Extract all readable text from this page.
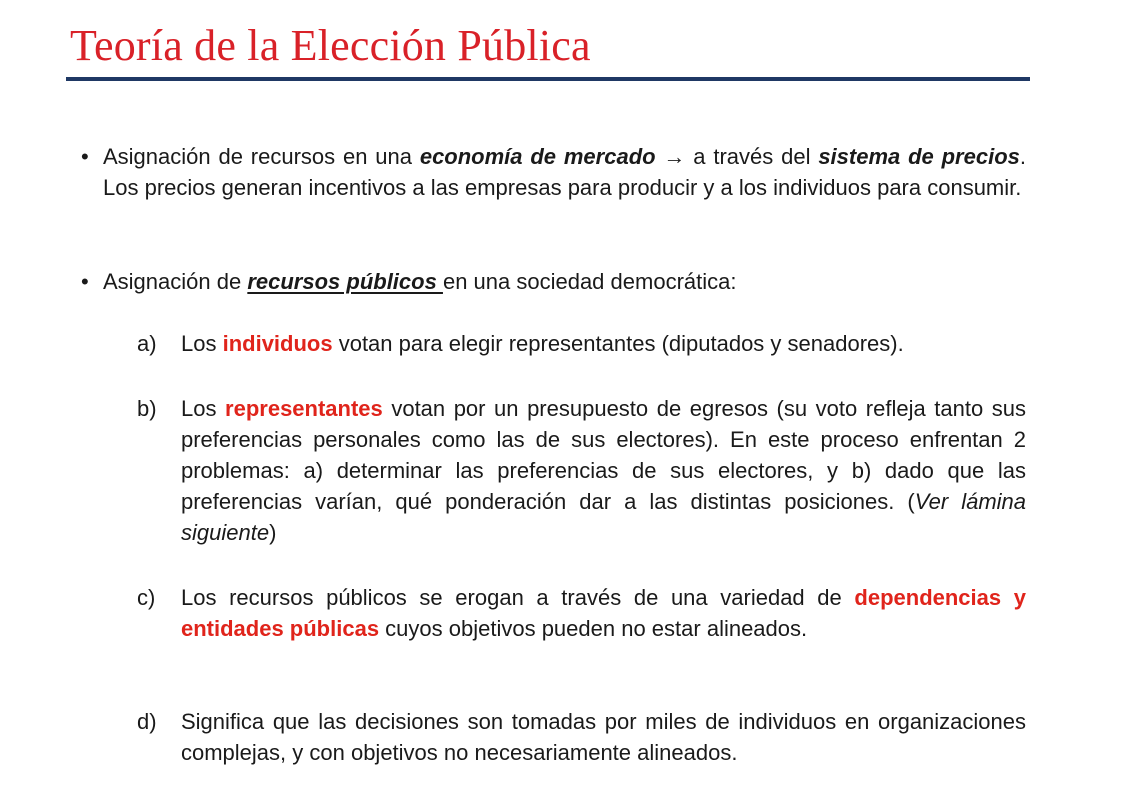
Teoría de la Elección Pública
• Asignación de recursos en una economía de mercado → a través del sistema de precios. Los precios generan incentivos a las empresas para producir y a los individuos para consumir.
• Asignación de recursos públicos en una sociedad democrática:
a) Los individuos votan para elegir representantes (diputados y senadores).
b) Los representantes votan por un presupuesto de egresos (su voto refleja tanto sus preferencias personales como las de sus electores). En este proceso enfrentan 2 problemas: a) determinar las preferencias de sus electores, y b) dado que las preferencias varían, qué ponderación dar a las distintas posiciones. (Ver lámina siguiente)
c) Los recursos públicos se erogan a través de una variedad de dependencias y entidades públicas cuyos objetivos pueden no estar alineados.
d) Significa que las decisiones son tomadas por miles de individuos en organizaciones complejas, y con objetivos no necesariamente alineados.
